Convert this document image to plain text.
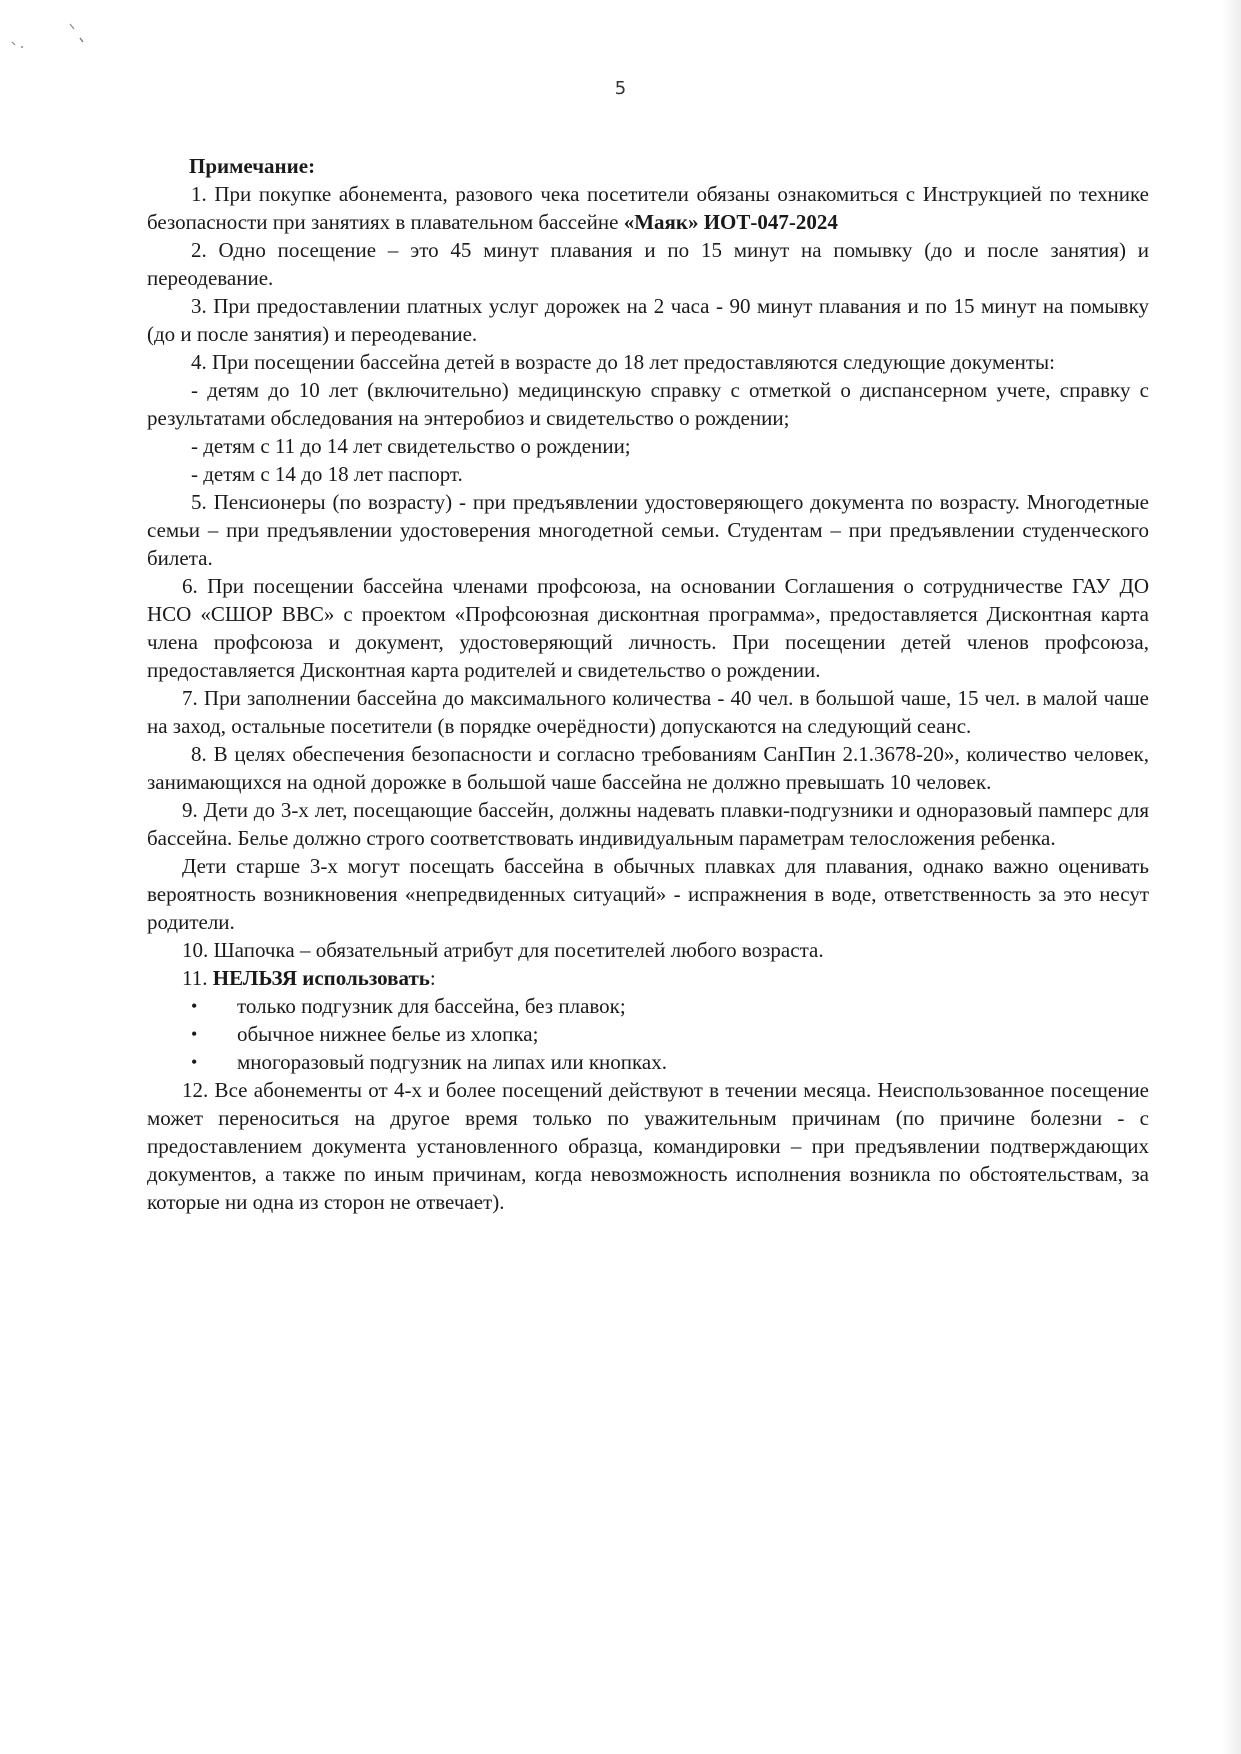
5

Примечание:

1. При покупке абонемента, разового чека посетители обязаны ознакомиться с Инструкцией по технике безопасности при занятиях в плавательном бассейне «Маяк» ИОТ-047-2024

2. Одно посещение – это 45 минут плавания и по 15 минут на помывку (до и после занятия) и переодевание.

3. При предоставлении платных услуг дорожек на 2 часа - 90 минут плавания и по 15 минут на помывку (до и после занятия) и переодевание.

4. При посещении бассейна детей в возрасте до 18 лет предоставляются следующие документы:

- детям до 10 лет (включительно) медицинскую справку с отметкой о диспансерном учете, справку с результатами обследования на энтеробиоз и свидетельство о рождении;

- детям с 11 до 14 лет свидетельство о рождении;

- детям с 14 до 18 лет паспорт.

5. Пенсионеры (по возрасту) - при предъявлении удостоверяющего документа по возрасту. Многодетные семьи – при предъявлении удостоверения многодетной семьи. Студентам – при предъявлении студенческого билета.

6. При посещении бассейна членами профсоюза, на основании Соглашения о сотрудничестве ГАУ ДО НСО «СШОР ВВС» с проектом «Профсоюзная дисконтная программа», предоставляется Дисконтная карта члена профсоюза и документ, удостоверяющий личность. При посещении детей членов профсоюза, предоставляется Дисконтная карта родителей и свидетельство о рождении.

7. При заполнении бассейна до максимального количества - 40 чел. в большой чаше, 15 чел. в малой чаше на заход, остальные посетители (в порядке очерёдности) допускаются на следующий сеанс.

8. В целях обеспечения безопасности и согласно требованиям СанПин 2.1.3678-20», количество человек, занимающихся на одной дорожке в большой чаше бассейна не должно превышать 10 человек.

9. Дети до 3-х лет, посещающие бассейн, должны надевать плавки-подгузники и одноразовый памперс для бассейна. Белье должно строго соответствовать индивидуальным параметрам телосложения ребенка.

Дети старше 3-х могут посещать бассейна в обычных плавках для плавания, однако важно оценивать вероятность возникновения «непредвиденных ситуаций» - испражнения в воде, ответственность за это несут родители.

10. Шапочка – обязательный атрибут для посетителей любого возраста.

11. НЕЛЬЗЯ использовать:

• только подгузник для бассейна, без плавок;
• обычное нижнее белье из хлопка;
• многоразовый подгузник на липах или кнопках.

12. Все абонементы от 4-х и более посещений действуют в течении месяца. Неиспользованное посещение может переноситься на другое время только по уважительным причинам (по причине болезни - с предоставлением документа установленного образца, командировки – при предъявлении подтверждающих документов, а также по иным причинам, когда невозможность исполнения возникла по обстоятельствам, за которые ни одна из сторон не отвечает).
